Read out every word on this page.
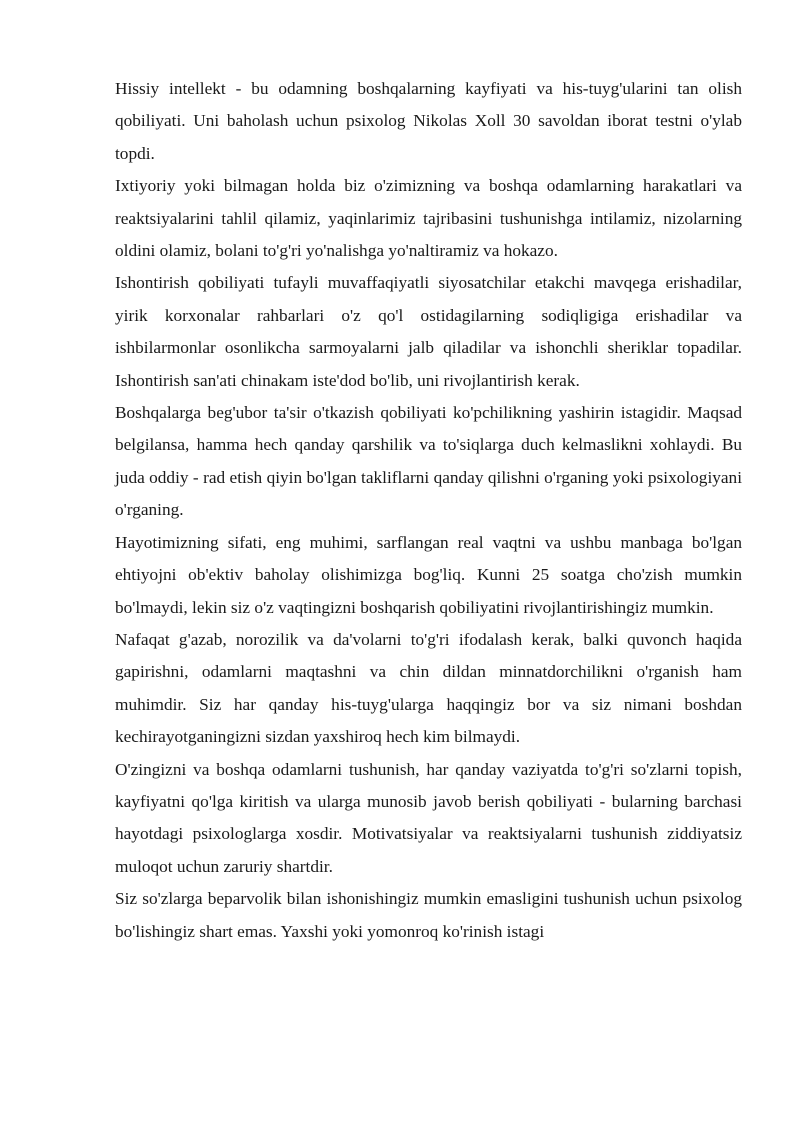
Hissiy intellekt - bu odamning boshqalarning kayfiyati va his-tuyg'ularini tan olish qobiliyati. Uni baholash uchun psixolog Nikolas Xoll 30 savoldan iborat testni o'ylab topdi.

Ixtiyoriy yoki bilmagan holda biz o'zimizning va boshqa odamlarning harakatlari va reaktsiyalarini tahlil qilamiz, yaqinlarimiz tajribasini tushunishga intilamiz, nizolarning oldini olamiz, bolani to'g'ri yo'nalishga yo'naltiramiz va hokazo.

Ishontirish qobiliyati tufayli muvaffaqiyatli siyosatchilar etakchi mavqega erishadilar, yirik korxonalar rahbarlari o'z qo'l ostidagilarning sodiqligiga erishadilar va ishbilarmonlar osonlikcha sarmoyalarni jalb qiladilar va ishonchli sheriklar topadilar. Ishontirish san'ati chinakam iste'dod bo'lib, uni rivojlantirish kerak.

Boshqalarga beg'ubor ta'sir o'tkazish qobiliyati ko'pchilikning yashirin istagidir. Maqsad belgilansa, hamma hech qanday qarshilik va to'siqlarga duch kelmaslikni xohlaydi. Bu juda oddiy - rad etish qiyin bo'lgan takliflarni qanday qilishni o'rganing yoki psixologiyani o'rganing.

Hayotimizning sifati, eng muhimi, sarflangan real vaqtni va ushbu manbaga bo'lgan ehtiyojni ob'ektiv baholay olishimizga bog'liq. Kunni 25 soatga cho'zish mumkin bo'lmaydi, lekin siz o'z vaqtingizni boshqarish qobiliyatini rivojlantirishingiz mumkin.

Nafaqat g'azab, norozilik va da'volarni to'g'ri ifodalash kerak, balki quvonch haqida gapirishni, odamlarni maqtashni va chin dildan minnatdorchilikni o'rganish ham muhimdir. Siz har qanday his-tuyg'ularga haqqingiz bor va siz nimani boshdan kechirayotganingizni sizdan yaxshiroq hech kim bilmaydi.

O'zingizni va boshqa odamlarni tushunish, har qanday vaziyatda to'g'ri so'zlarni topish, kayfiyatni qo'lga kiritish va ularga munosib javob berish qobiliyati - bularning barchasi hayotdagi psixologlarga xosdir. Motivatsiyalar va reaktsiyalarni tushunish ziddiyatsiz muloqot uchun zaruriy shartdir.

Siz so'zlarga beparvolik bilan ishonishingiz mumkin emasligini tushunish uchun psixolog bo'lishingiz shart emas. Yaxshi yoki yomonroq ko'rinish istagi
